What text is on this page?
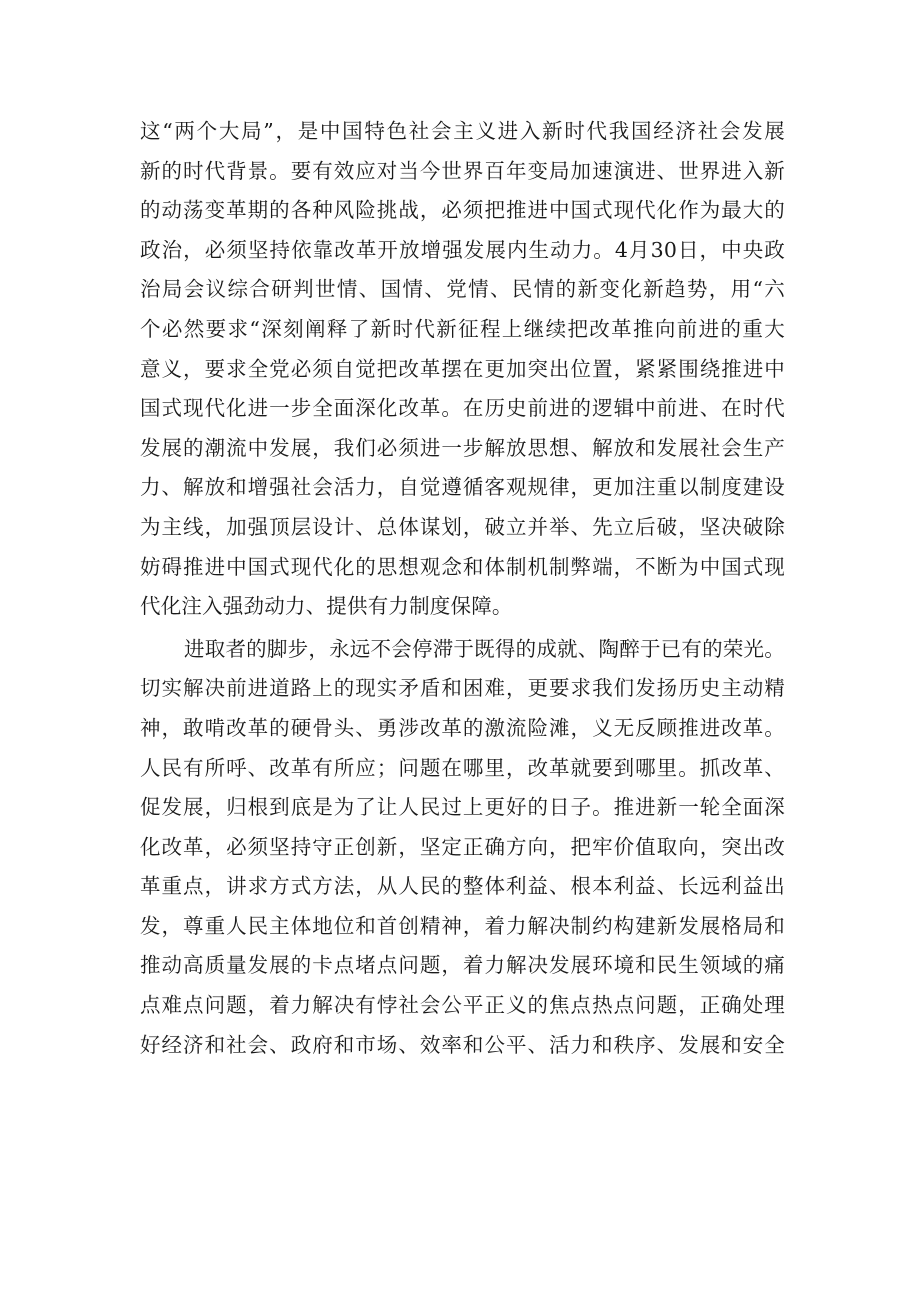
这“两个大局”，是中国特色社会主义进入新时代我国经济社会发展
新的时代背景。要有效应对当今世界百年变局加速演进、世界进入新
的动荡变革期的各种风险挑战，必须把推进中国式现代化作为最大的
政治，必须坚持依靠改革开放增强发展内生动力。4月30日，中央政
治局会议综合研判世情、国情、党情、民情的新变化新趋势，用“六
个必然要求“深刻阐释了新时代新征程上继续把改革推向前进的重大
意义，要求全党必须自觉把改革摆在更加突出位置，紧紧围绕推进中
国式现代化进一步全面深化改革。在历史前进的逻辑中前进、在时代
发展的潮流中发展，我们必须进一步解放思想、解放和发展社会生产
力、解放和增强社会活力，自觉遵循客观规律，更加注重以制度建设
为主线，加强顶层设计、总体谋划，破立并举、先立后破，坚决破除
妨碍推进中国式现代化的思想观念和体制机制弊端，不断为中国式现
代化注入强劲动力、提供有力制度保障。
进取者的脚步，永远不会停滞于既得的成就、陶醉于已有的荣光。
切实解决前进道路上的现实矛盾和困难，更要求我们发扬历史主动精
神，敢啃改革的硬骨头、勇涉改革的激流险滩，义无反顾推进改革。
人民有所呼、改革有所应；问题在哪里，改革就要到哪里。抓改革、
促发展，归根到底是为了让人民过上更好的日子。推进新一轮全面深
化改革，必须坚持守正创新，坚定正确方向，把牢价值取向，突出改
革重点，讲求方式方法，从人民的整体利益、根本利益、长远利益出
发，尊重人民主体地位和首创精神，着力解决制约构建新发展格局和
推动高质量发展的卡点堵点问题，着力解决发展环境和民生领域的痛
点难点问题，着力解决有悖社会公平正义的焦点热点问题，正确处理
好经济和社会、政府和市场、效率和公平、活力和秩序、发展和安全
